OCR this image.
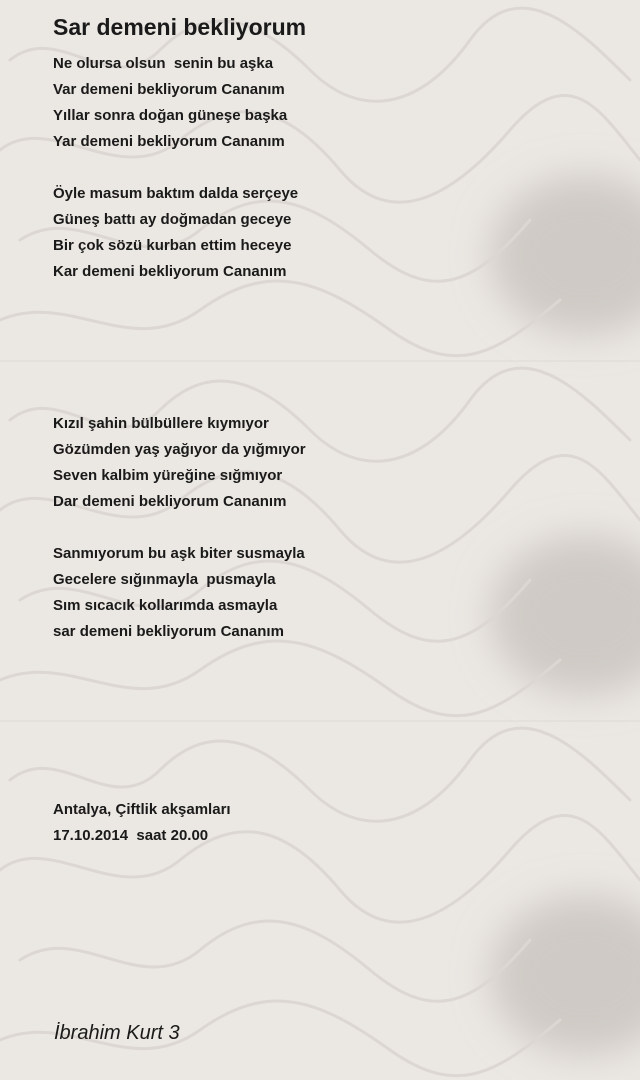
Sar demeni bekliyorum

Ne olursa olsun  senin bu aşka

Var demeni bekliyorum Cananım

Yıllar sonra doğan güneşe başka

Yar demeni bekliyorum Cananım

Öyle masum baktım dalda serçeye

Güneş battı ay doğmadan geceye

Bir çok sözü kurban ettim heceye

Kar demeni bekliyorum Cananım

Kızıl şahin bülbüllere kıymıyor

Gözümden yaş yağıyor da yığmıyor

Seven kalbim yüreğine sığmıyor

Dar demeni bekliyorum Cananım

Sanmıyorum bu aşk biter susmayla

Gecelere sığınmayla  pusmayla

Sım sıcacık kollarımda asmayla

sar demeni bekliyorum Cananım

Antalya, Çiftlik akşamları

17.10.2014  saat 20.00

İbrahim Kurt 3
